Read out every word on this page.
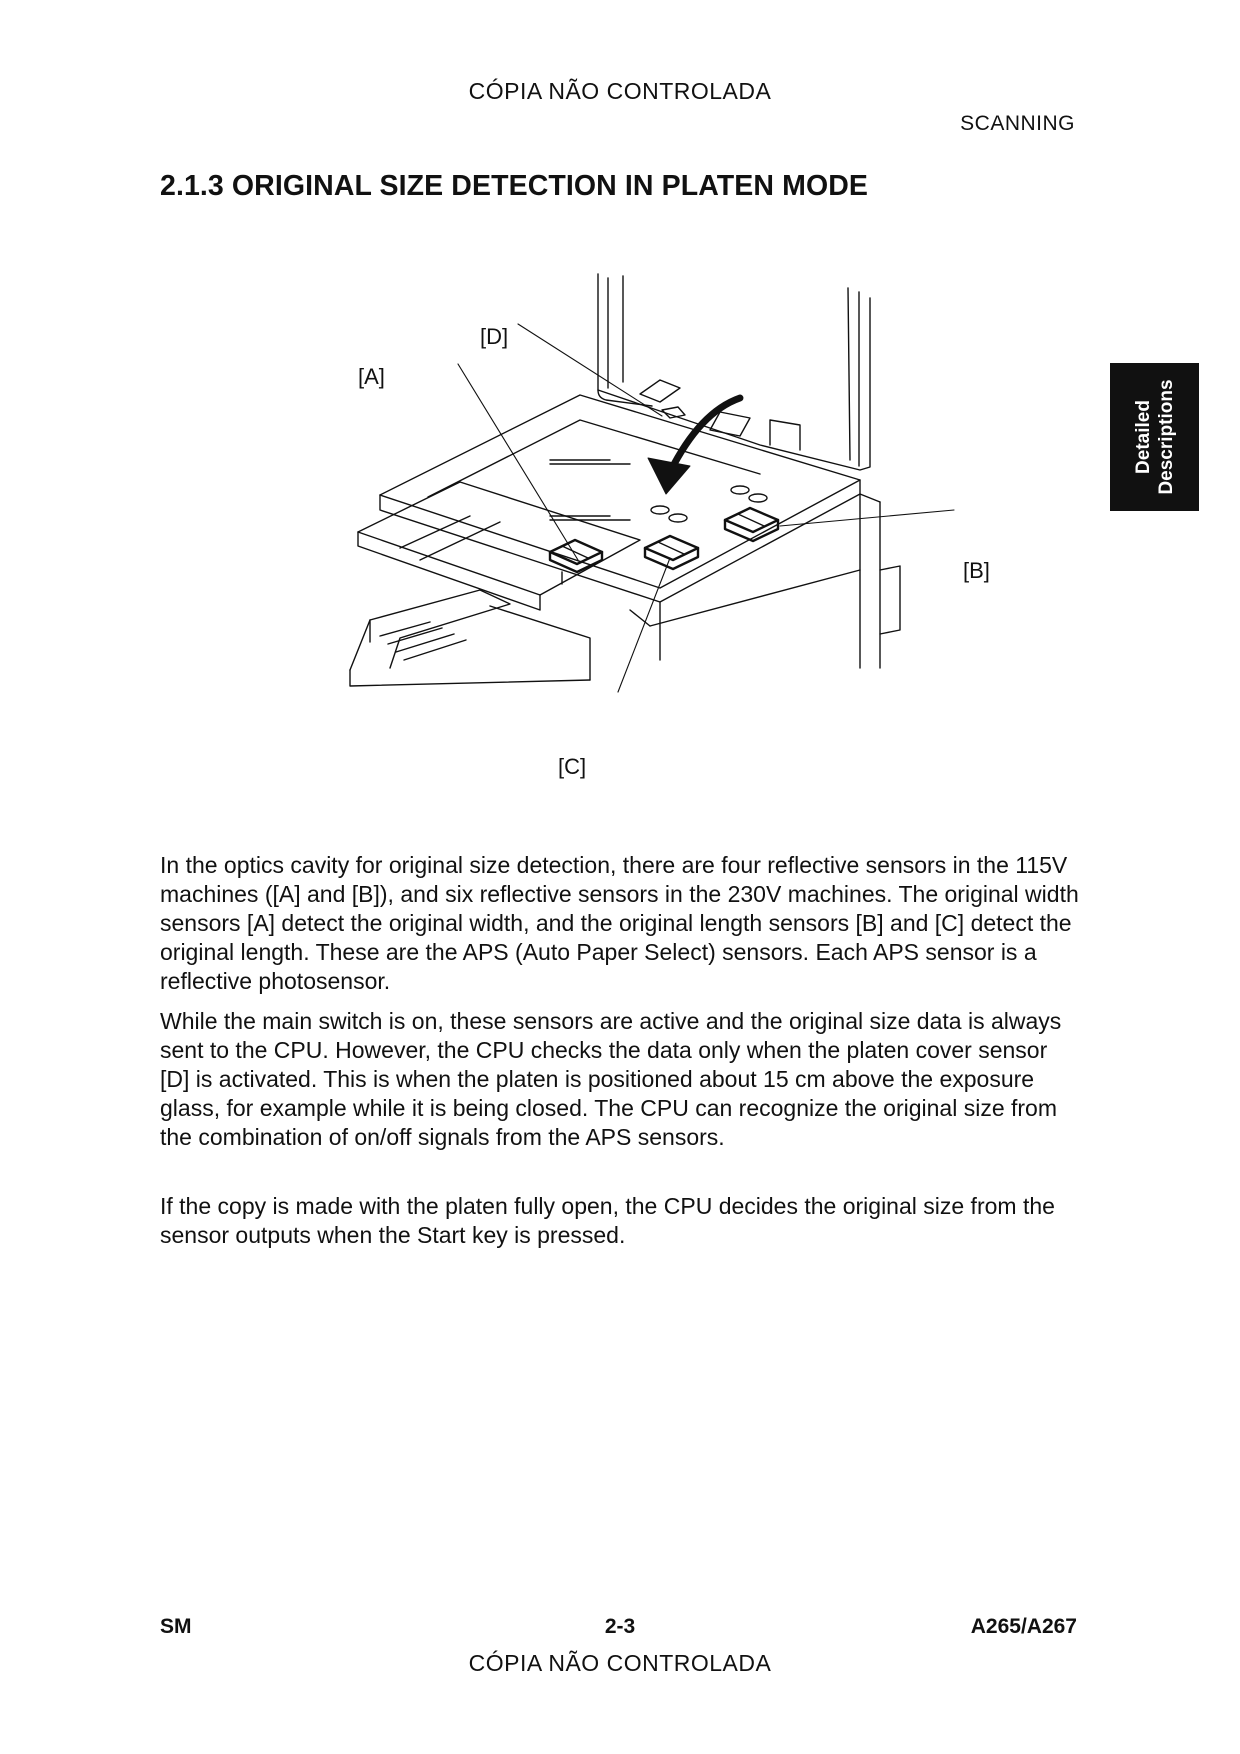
CÓPIA NÃO CONTROLADA
SCANNING
2.1.3 ORIGINAL SIZE DETECTION IN PLATEN MODE
Detailed Descriptions
[A]
[D]
[B]
[C]

In the optics cavity for original size detection, there are four reflective sensors in the 115V machines ([A] and [B]), and six reflective sensors in the 230V machines. The original width sensors [A] detect the original width, and the original length sensors [B] and [C] detect the original length. These are the APS (Auto Paper Select) sensors. Each APS sensor is a reflective photosensor.

While the main switch is on, these sensors are active and the original size data is always sent to the CPU. However, the CPU checks the data only when the platen cover sensor [D] is activated. This is when the platen is positioned about 15 cm above the exposure glass, for example while it is being closed. The CPU can recognize the original size from the combination of on/off signals from the APS sensors.

If the copy is made with the platen fully open, the CPU decides the original size from the sensor outputs when the Start key is pressed.

SM	2-3	A265/A267
CÓPIA NÃO CONTROLADA
